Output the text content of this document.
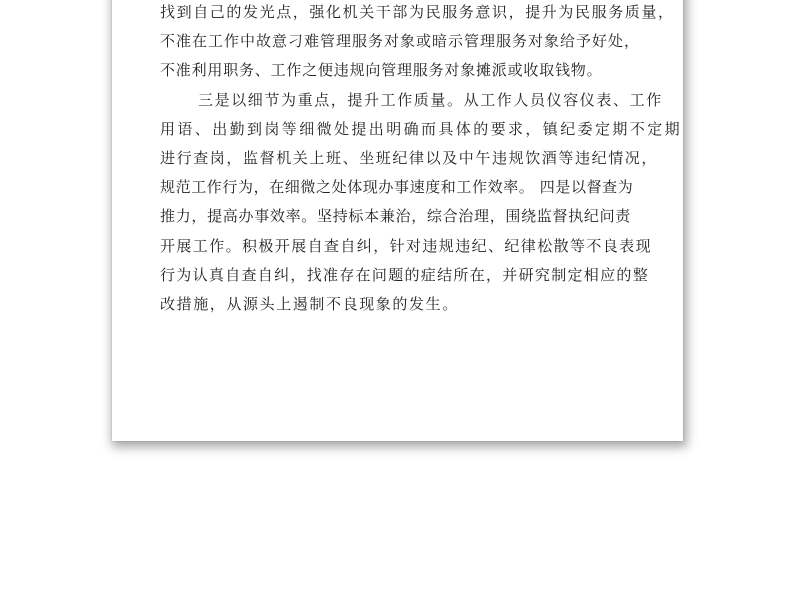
找到自己的发光点，强化机关干部为民服务意识，提升为民服务质量，
不准在工作中故意刁难管理服务对象或暗示管理服务对象给予好处，
不准利用职务、工作之便违规向管理服务对象摊派或收取钱物。
三是以细节为重点，提升工作质量。从工作人员仪容仪表、工作
用语、出勤到岗等细微处提出明确而具体的要求，镇纪委定期不定期
进行查岗，监督机关上班、坐班纪律以及中午违规饮酒等违纪情况，
规范工作行为，在细微之处体现办事速度和工作效率。 四是以督查为
推力，提高办事效率。坚持标本兼治，综合治理，围绕监督执纪问责
开展工作。积极开展自查自纠，针对违规违纪、纪律松散等不良表现
行为认真自查自纠，找准存在问题的症结所在，并研究制定相应的整
改措施，从源头上遏制不良现象的发生。
